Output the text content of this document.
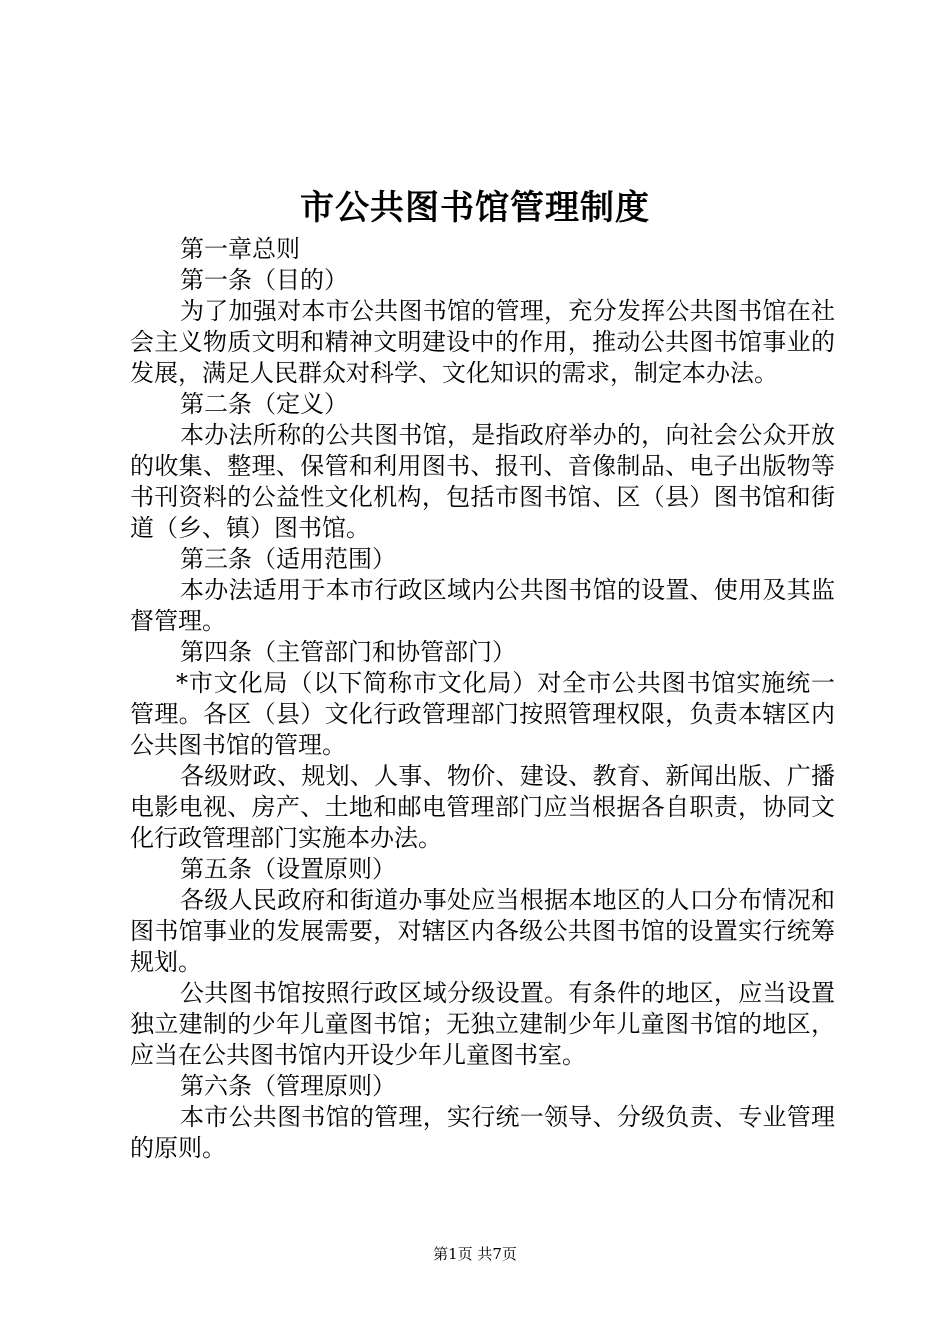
市公共图书馆管理制度

第一章总则

第一条（目的）

为了加强对本市公共图书馆的管理，充分发挥公共图书馆在社会主义物质文明和精神文明建设中的作用，推动公共图书馆事业的发展，满足人民群众对科学、文化知识的需求，制定本办法。

第二条（定义）

本办法所称的公共图书馆，是指政府举办的，向社会公众开放的收集、整理、保管和利用图书、报刊、音像制品、电子出版物等书刊资料的公益性文化机构，包括市图书馆、区（县）图书馆和街道（乡、镇）图书馆。

第三条（适用范围）

本办法适用于本市行政区域内公共图书馆的设置、使用及其监督管理。

第四条（主管部门和协管部门）

*市文化局（以下简称市文化局）对全市公共图书馆实施统一管理。各区（县）文化行政管理部门按照管理权限，负责本辖区内公共图书馆的管理。

各级财政、规划、人事、物价、建设、教育、新闻出版、广播电影电视、房产、土地和邮电管理部门应当根据各自职责，协同文化行政管理部门实施本办法。

第五条（设置原则）

各级人民政府和街道办事处应当根据本地区的人口分布情况和图书馆事业的发展需要，对辖区内各级公共图书馆的设置实行统筹规划。

公共图书馆按照行政区域分级设置。有条件的地区，应当设置独立建制的少年儿童图书馆；无独立建制少年儿童图书馆的地区，应当在公共图书馆内开设少年儿童图书室。

第六条（管理原则）

本市公共图书馆的管理，实行统一领导、分级负责、专业管理的原则。

第1页 共7页
